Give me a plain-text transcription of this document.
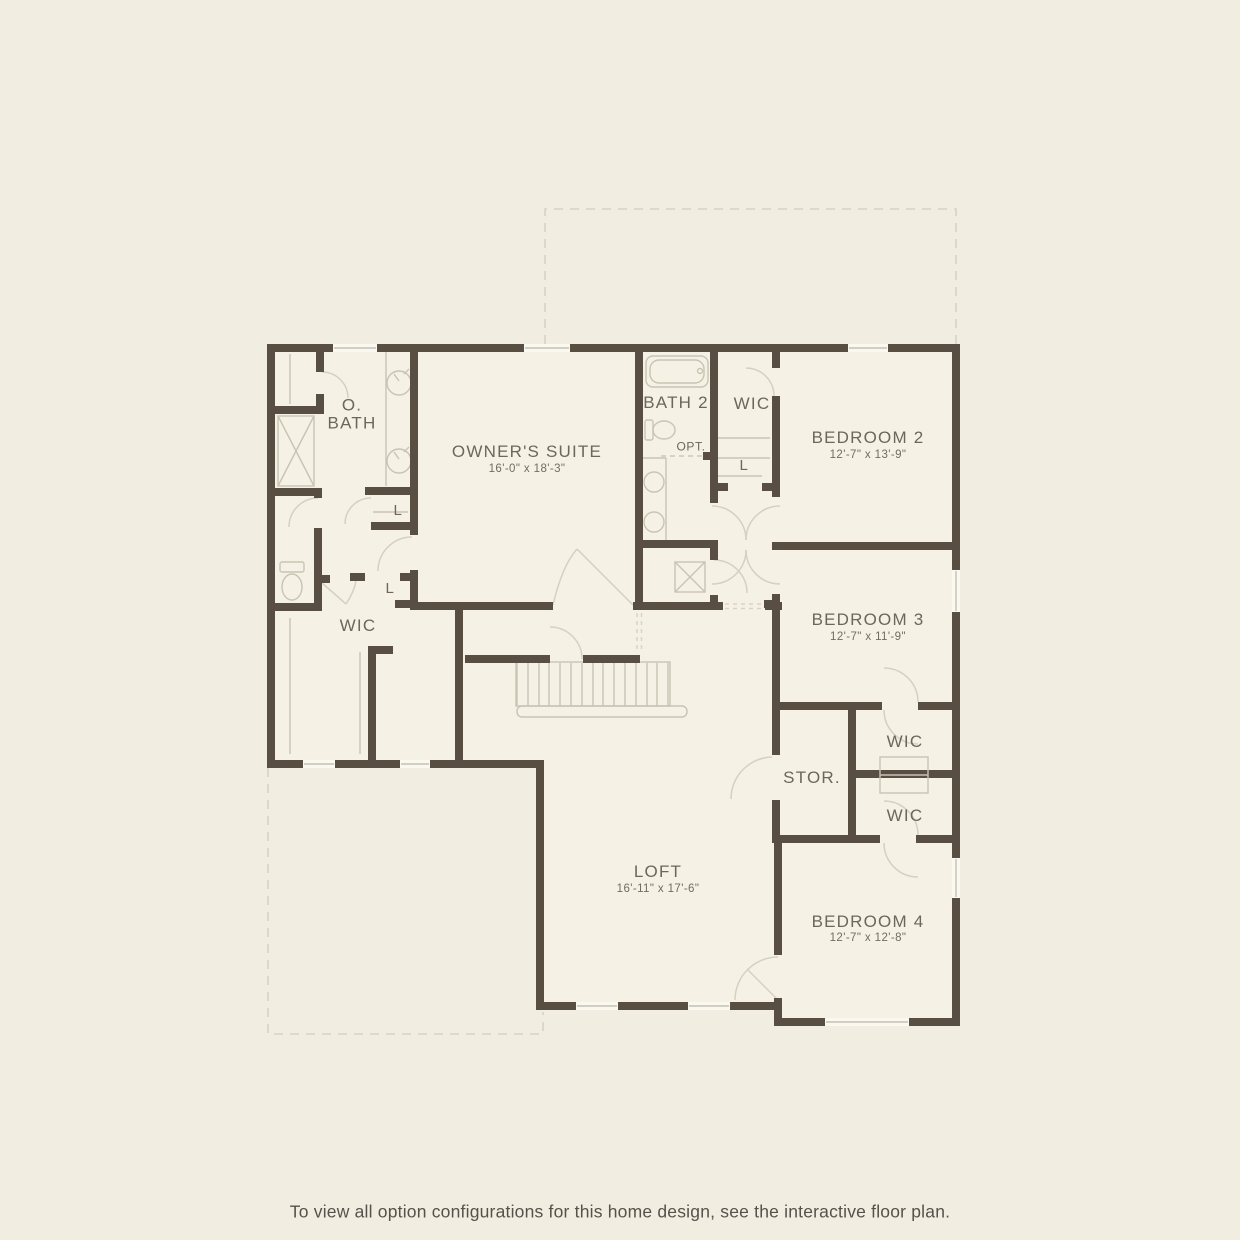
O. BATH
OWNER'S SUITE
16'-0" x 18'-3"
BATH 2 WIC
BEDROOM 2
12'-7" x 13'-9"
BEDROOM 3
12'-7" x 11'-9"
WIC
STOR.
WIC
WIC
BEDROOM 4
12'-7" x 12'-8"
LOFT
16'-11" x 17'-6"
L
L
L
OPT.
To view all option configurations for this home design, see the interactive floor plan.
